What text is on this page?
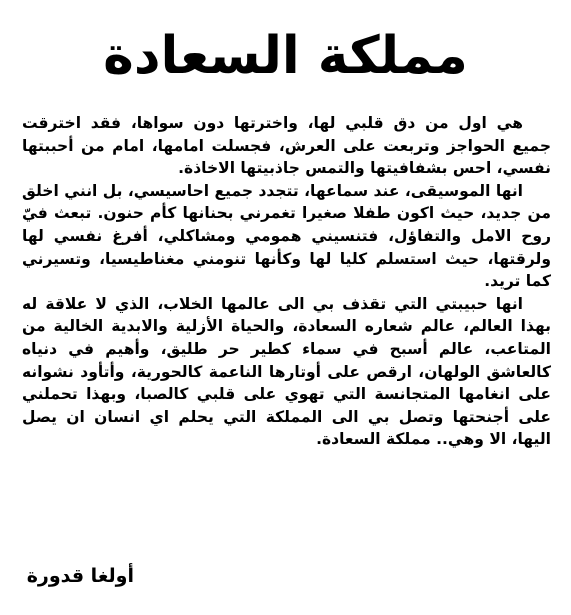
مملكة السعادة

هي اول من دق قلبي لها، واخترتها دون سواها، فقد اخترقت جميع الحواجز وتربعت على العرش، فجسلت امامها، امام من أحببتها نفسي، احس بشفافيتها والتمس جاذبيتها الاخاذة.

انها الموسيقى، عند سماعها، تتجدد جميع احاسيسي، بل انني اخلق من جديد، حيث اكون طفلا صغيرا تغمرني بحنانها كأم حنون. تبعث فيّ روح الامل والتفاؤل، فتنسيني همومي ومشاكلي، أفرغ نفسي لها ولرقتها، حيث استسلم كليا لها وكأنها تنومني مغناطيسيا، وتسيرني كما تريد.

انها حبيبتي التي تقذف بي الى عالمها الخلاب، الذي لا علاقة له بهذا العالم، عالم شعاره السعادة، والحياة الأزلية والابدية الخالية من المتاعب، عالم أسبح في سماء كطير حر طليق، وأهيم في دنياه كالعاشق الولهان، ارقص على أوتارها الناعمة كالحورية، وأتأود نشوانه على انغامها المتجانسة التي تهوي على قلبي كالصبا، وبهذا تحملني على أجنحتها وتصل بي الى المملكة التي يحلم اي انسان ان يصل اليها، الا وهي.. مملكة السعادة.

أولغا قدورة
